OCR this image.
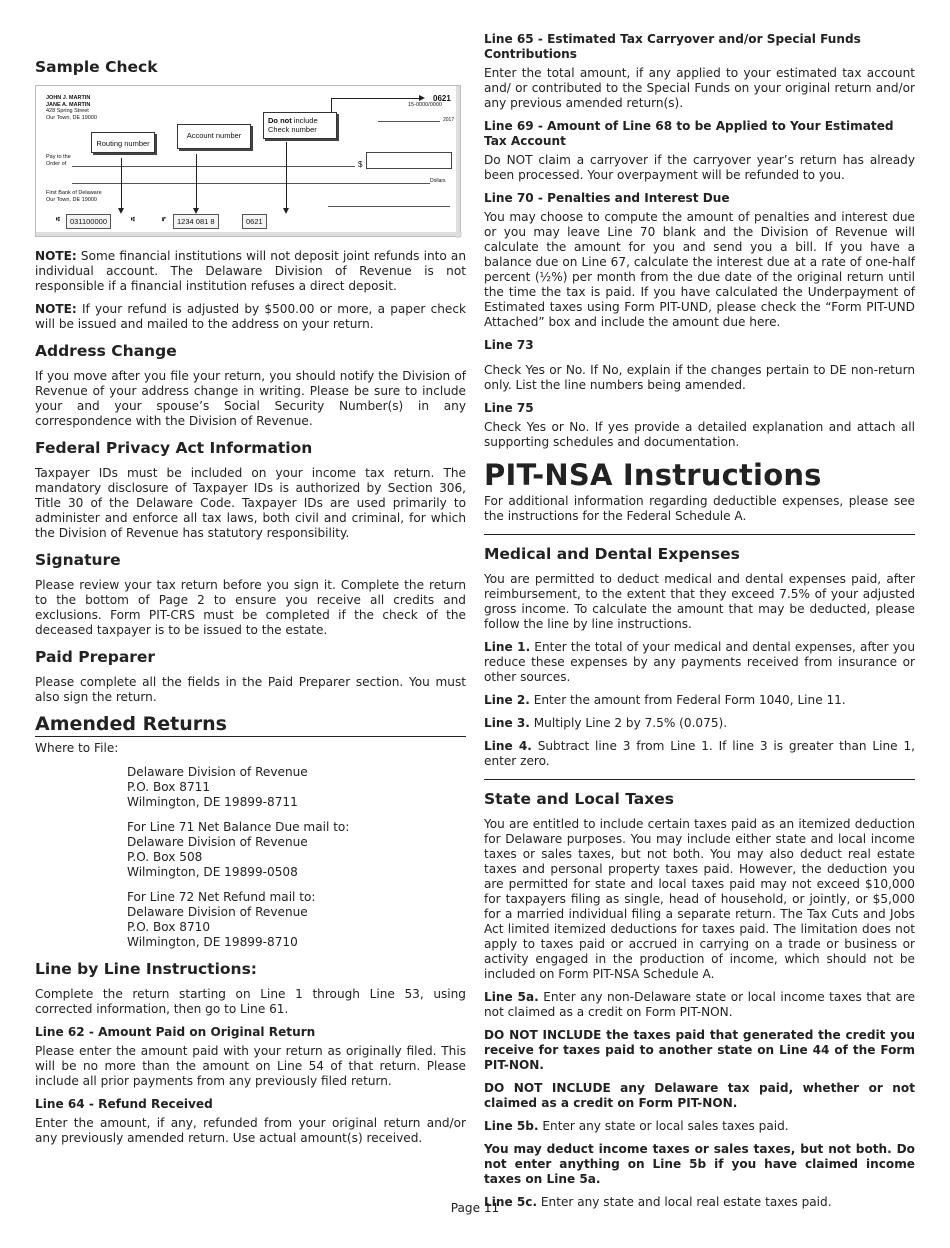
Sample Check
JOHN J. MARTIN
JANE A. MARTIN
428 Spring Street
Our Town, DE 19000
0621
15-0000/0000
2017
Pay to the
Order of	$
Dollars
First Bank of Delaware
Our Town, DE 19000
Routing number
Account number
Do not include
Check number
⑆	031100000	⑆	⑈	1234 081 8	0621

NOTE: Some financial institutions will not deposit joint refunds into an individual account. The Delaware Division of Revenue is not responsible if a financial institution refuses a direct deposit.

NOTE: If your refund is adjusted by $500.00 or more, a paper check will be issued and mailed to the address on your return.

Address Change

If you move after you file your return, you should notify the Division of Revenue of your address change in writing. Please be sure to include your and your spouse’s Social Security Number(s) in any correspondence with the Division of Revenue.

Federal Privacy Act Information

Taxpayer IDs must be included on your income tax return. The mandatory disclosure of Taxpayer IDs is authorized by Section 306, Title 30 of the Delaware Code. Taxpayer IDs are used primarily to administer and enforce all tax laws, both civil and criminal, for which the Division of Revenue has statutory responsibility.

Signature

Please review your tax return before you sign it. Complete the return to the bottom of Page 2 to ensure you receive all credits and exclusions. Form PIT-CRS must be completed if the check of the deceased taxpayer is to be issued to the estate.

Paid Preparer

Please complete all the fields in the Paid Preparer section. You must also sign the return.

Amended Returns

Where to File:

Delaware Division of Revenue
P.O. Box 8711
Wilmington, DE 19899-8711
For Line 71 Net Balance Due mail to:
Delaware Division of Revenue
P.O. Box 508
Wilmington, DE 19899-0508
For Line 72 Net Refund mail to:
Delaware Division of Revenue
P.O. Box 8710
Wilmington, DE 19899-8710
Line by Line Instructions:

Complete the return starting on Line 1 through Line 53, using corrected information, then go to Line 61.

Line 62 - Amount Paid on Original Return

Please enter the amount paid with your return as originally filed. This will be no more than the amount on Line 54 of that return. Please include all prior payments from any previously filed return.

Line 64 - Refund Received

Enter the amount, if any, refunded from your original return and/or any previously amended return. Use actual amount(s) received.

Line 65 - Estimated Tax Carryover and/or Special Funds Contributions

Enter the total amount, if any applied to your estimated tax account and/ or contributed to the Special Funds on your original return and/or any previous amended return(s).

Line 69 - Amount of Line 68 to be Applied to Your Estimated Tax Account

Do NOT claim a carryover if the carryover year’s return has already been processed. Your overpayment will be refunded to you.

Line 70 - Penalties and Interest Due

You may choose to compute the amount of penalties and interest due or you may leave Line 70 blank and the Division of Revenue will calculate the amount for you and send you a bill. If you have a balance due on Line 67, calculate the interest due at a rate of one-half percent (½%) per month from the due date of the original return until the time the tax is paid. If you have calculated the Underpayment of Estimated taxes using Form PIT-UND, please check the “Form PIT-UND Attached” box and include the amount due here.

Line 73

Check Yes or No. If No, explain if the changes pertain to DE non-return only. List the line numbers being amended.

Line 75

Check Yes or No. If yes provide a detailed explanation and attach all supporting schedules and documentation.

PIT-NSA Instructions

For additional information regarding deductible expenses, please see the instructions for the Federal Schedule A.

Medical and Dental Expenses

You are permitted to deduct medical and dental expenses paid, after reimbursement, to the extent that they exceed 7.5% of your adjusted gross income. To calculate the amount that may be deducted, please follow the line by line instructions.

Line 1. Enter the total of your medical and dental expenses, after you reduce these expenses by any payments received from insurance or other sources.

Line 2. Enter the amount from Federal Form 1040, Line 11.

Line 3. Multiply Line 2 by 7.5% (0.075).

Line 4. Subtract line 3 from Line 1. If line 3 is greater than Line 1, enter zero.

State and Local Taxes

You are entitled to include certain taxes paid as an itemized deduction for Delaware purposes. You may include either state and local income taxes or sales taxes, but not both. You may also deduct real estate taxes and personal property taxes paid. However, the deduction you are permitted for state and local taxes paid may not exceed $10,000 for taxpayers filing as single, head of household, or jointly, or $5,000 for a married individual filing a separate return. The Tax Cuts and Jobs Act limited itemized deductions for taxes paid. The limitation does not apply to taxes paid or accrued in carrying on a trade or business or activity engaged in the production of income, which should not be included on Form PIT-NSA Schedule A.

Line 5a. Enter any non-Delaware state or local income taxes that are not claimed as a credit on Form PIT-NON.

DO NOT INCLUDE the taxes paid that generated the credit you receive for taxes paid to another state on Line 44 of the Form PIT-NON.

DO NOT INCLUDE any Delaware tax paid, whether or not claimed as a credit on Form PIT-NON.

Line 5b. Enter any state or local sales taxes paid.

You may deduct income taxes or sales taxes, but not both. Do not enter anything on Line 5b if you have claimed income taxes on Line 5a.

Line 5c. Enter any state and local real estate taxes paid.

Page 11
